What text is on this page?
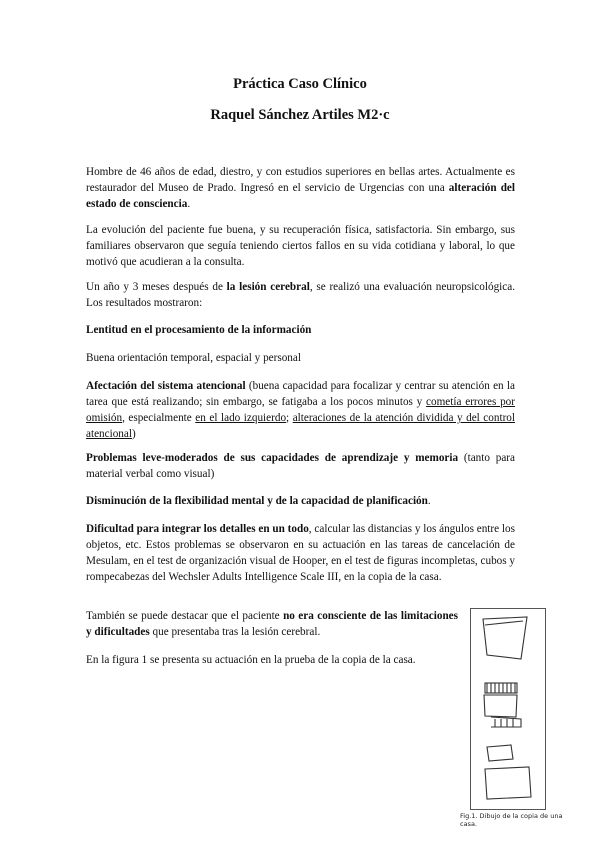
Práctica Caso Clínico
Raquel Sánchez Artiles M2·c

Hombre de 46 años de edad, diestro, y con estudios superiores en bellas artes. Actualmente es restaurador del Museo de Prado. Ingresó en el servicio de Urgencias con una alteración del estado de consciencia.

La evolución del paciente fue buena, y su recuperación física, satisfactoria. Sin embargo, sus familiares observaron que seguía teniendo ciertos fallos en su vida cotidiana y laboral, lo que motivó que acudieran a la consulta.

Un año y 3 meses después de la lesión cerebral, se realizó una evaluación neuropsicológica. Los resultados mostraron:

Lentitud en el procesamiento de la información

Buena orientación temporal, espacial y personal

Afectación del sistema atencional (buena capacidad para focalizar y centrar su atención en la tarea que está realizando; sin embargo, se fatigaba a los pocos minutos y cometía errores por omisión, especialmente en el lado izquierdo; alteraciones de la atención dividida y del control atencional)

Problemas leve-moderados de sus capacidades de aprendizaje y memoria (tanto para material verbal como visual)

Disminución de la flexibilidad mental y de la capacidad de planificación.

Dificultad para integrar los detalles en un todo, calcular las distancias y los ángulos entre los objetos, etc. Estos problemas se observaron en su actuación en las tareas de cancelación de Mesulam, en el test de organización visual de Hooper, en el test de figuras incompletas, cubos y rompecabezas del Wechsler Adults Intelligence Scale III, en la copia de la casa.

También se puede destacar que el paciente no era consciente de las limitaciones y dificultades que presentaba tras la lesión cerebral.

En la figura 1 se presenta su actuación en la prueba de la copia de la casa.

Fig.1. Dibujo de la copia de una casa.
